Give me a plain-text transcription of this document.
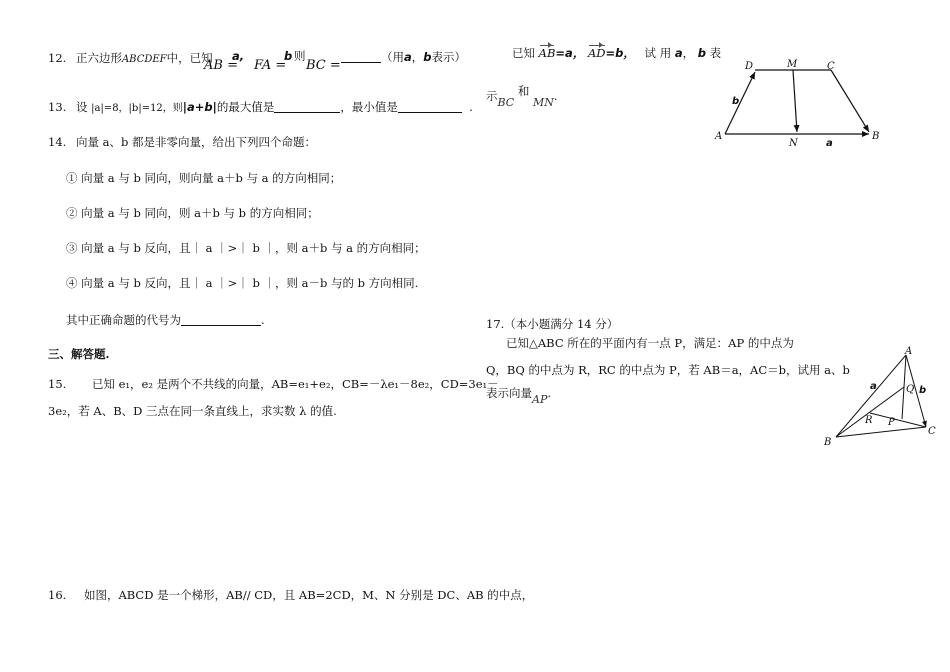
12. 正六边形ABCDEF中，已知
AB =
a,
FA =
b 则
BC =
（用a，b表示）
13. 设 |a|=8，|b|=12，则|a+b|的最大值是	，最小值是	.
14. 向量 a、b 都是非零向量，给出下列四个命题：
① 向量 a 与 b 同向，则向量 a＋b 与 a 的方向相同；
② 向量 a 与 b 同向，则 a＋b 与 b 的方向相同；
③ 向量 a 与 b 反向，且｜ a ｜>｜ b ｜，则 a＋b 与 a 的方向相同；
④ 向量 a 与 b 反向，且｜ a ｜>｜ b ｜，则 a－b 与的 b 方向相同.
其中正确命题的代号为	.
三、解答题.
15. 已知 e₁，e₂ 是两个不共线的向量，AB=e₁+e₂，CB=－λe₁－8e₂，CD=3e₁－
3e₂，若 A、B、D 三点在同一条直线上，求实数 λ 的值.
16. 如图，ABCD 是一个梯形，AB// CD，且 AB=2CD，M、N 分别是 DC、AB 的中点，
已知 AB=a， AD=b， 试 用 a， b 表
示BC 和 MN.
D	M	C
A
N
B
a
b
17.（本小题满分 14 分）
已知△ABC 所在的平面内有一点 P，满足：AP 的中点为
Q，BQ 的中点为 R，RC 的中点为 P，若 AB＝a，AC＝b，试用 a、b
表示向量AP.
A
B
C
Q
R P
a	b
